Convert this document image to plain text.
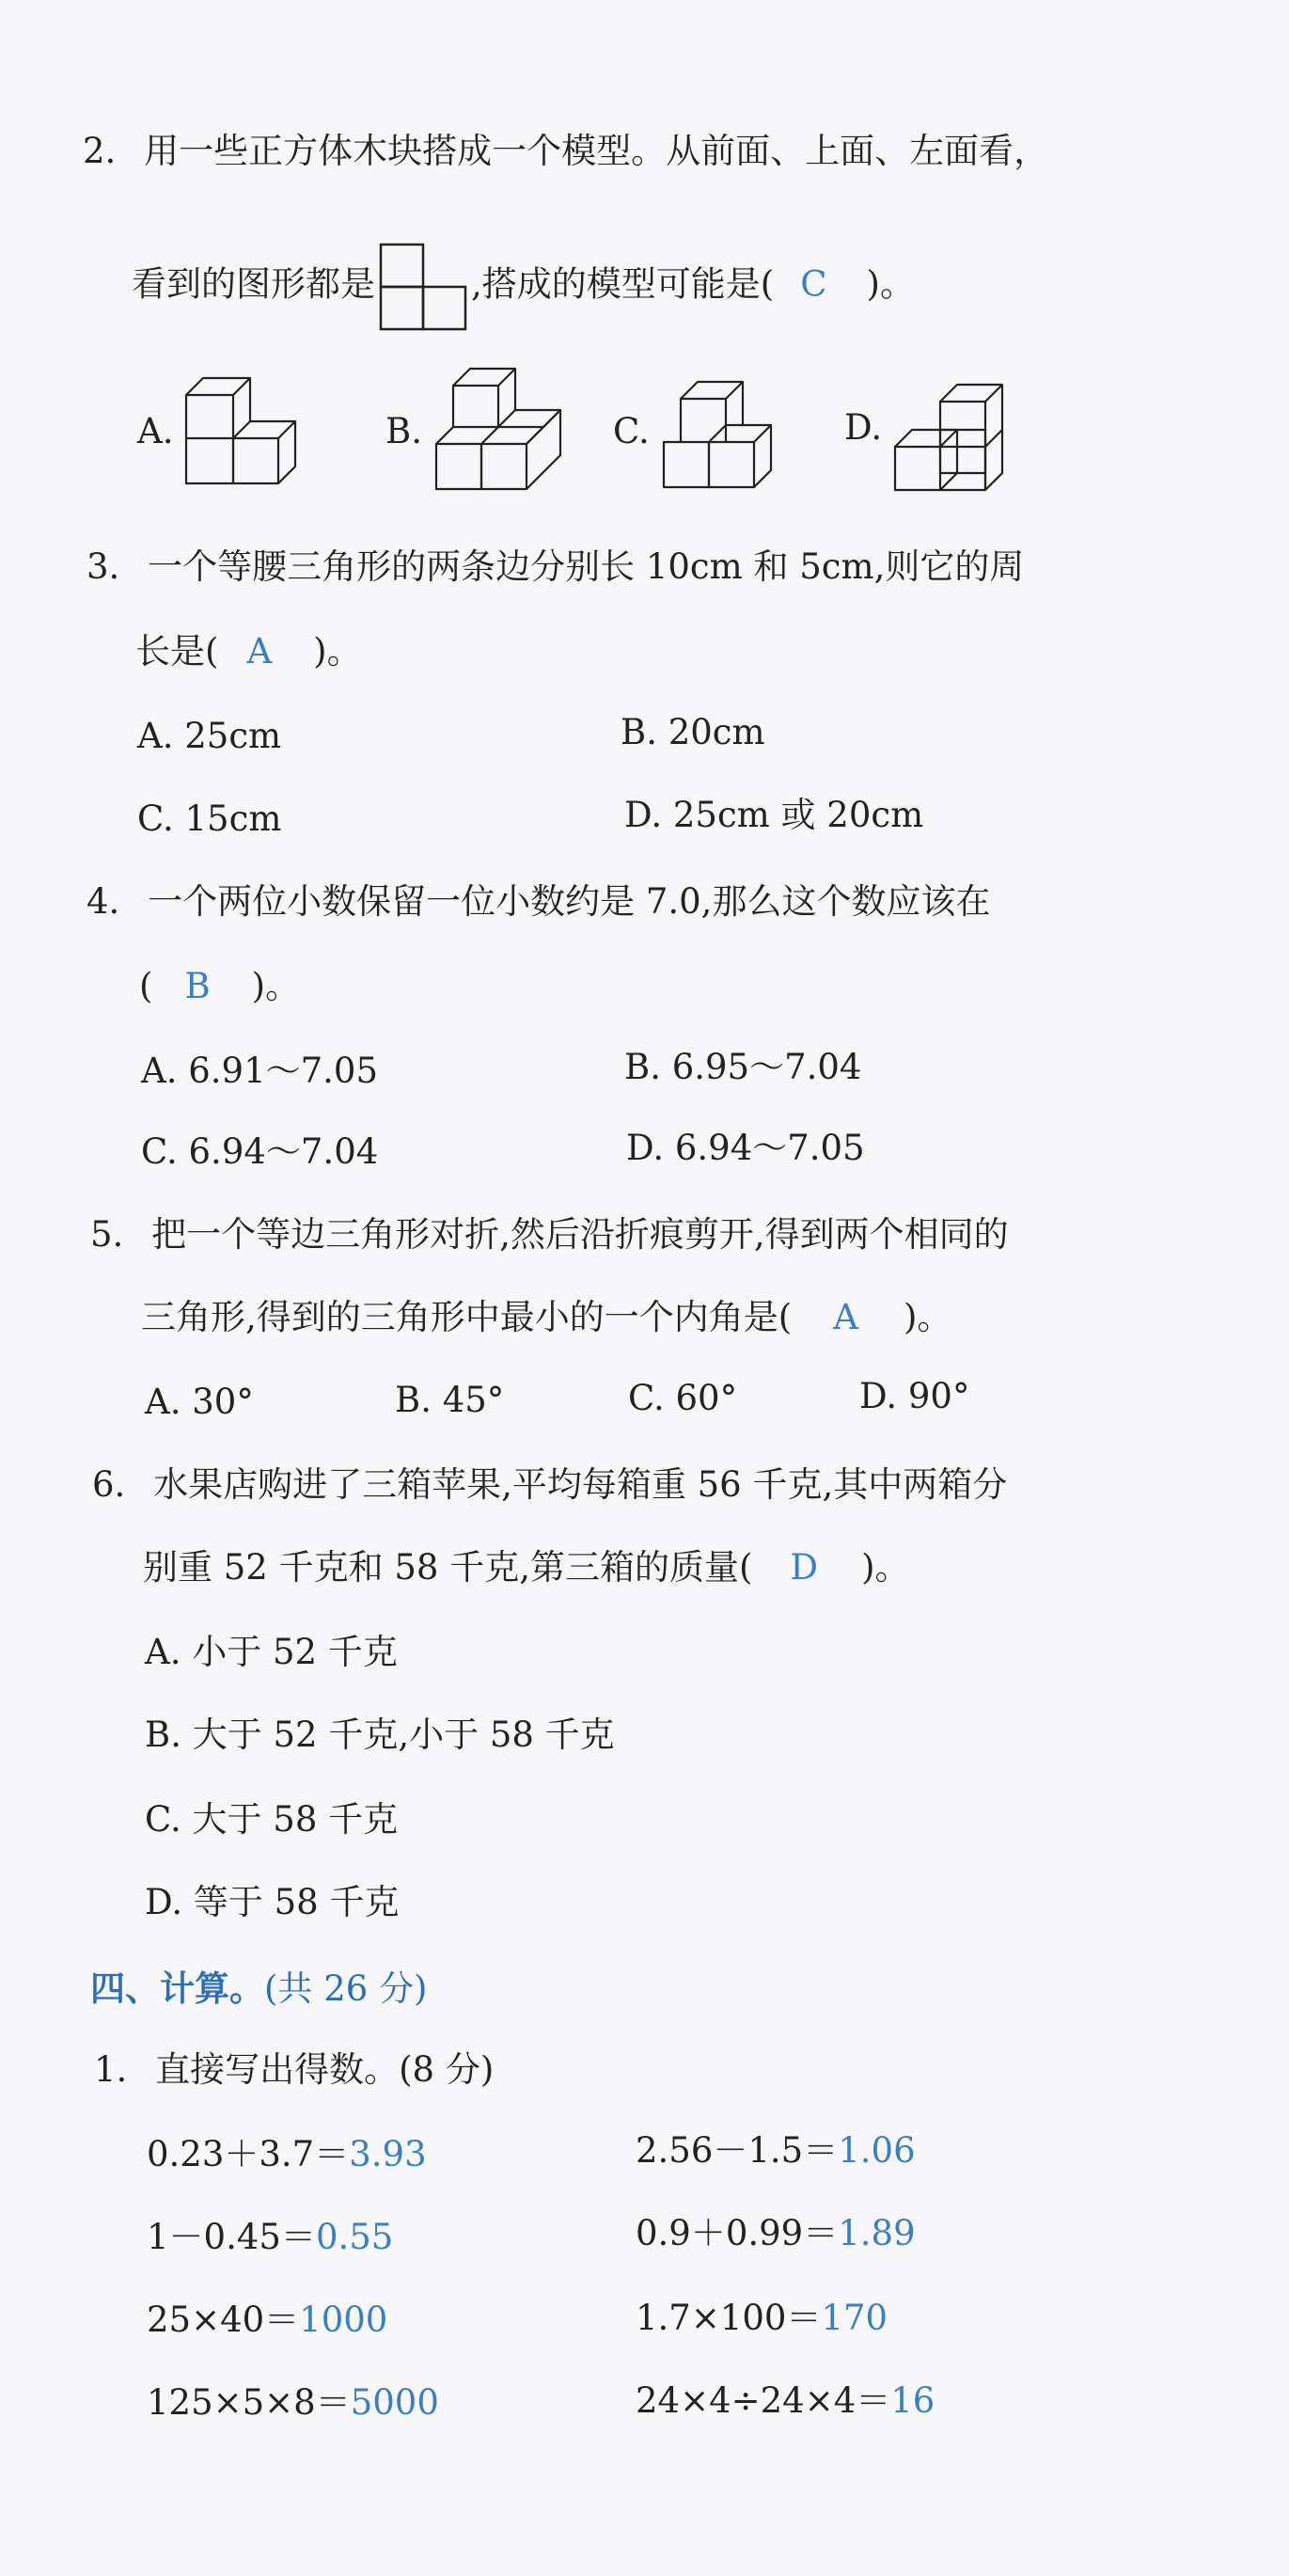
2. 用一些正方体木块搭成一个模型。从前面、上面、左面看，
看到的图形都是	,搭成的模型可能是( C )。
A.	B.	C.	D.
3. 一个等腰三角形的两条边分别长 10cm 和 5cm,则它的周
长是( A )。
A. 25cm	B. 20cm
C. 15cm	D. 25cm 或 20cm
4. 一个两位小数保留一位小数约是 7.0,那么这个数应该在
( B )。
A. 6.91～7.05	B. 6.95～7.04
C. 6.94～7.04	D. 6.94～7.05
5. 把一个等边三角形对折,然后沿折痕剪开,得到两个相同的
三角形,得到的三角形中最小的一个内角是( A )。
A. 30°	B. 45°	C. 60°	D. 90°
6. 水果店购进了三箱苹果,平均每箱重 56 千克,其中两箱分
别重 52 千克和 58 千克,第三箱的质量( D )。
A. 小于 52 千克
B. 大于 52 千克,小于 58 千克
C. 大于 58 千克
D. 等于 58 千克
四、计算。(共 26 分)
1. 直接写出得数。(8 分)
0.23＋3.7＝3.93	2.56－1.5＝1.06
1－0.45＝0.55	0.9＋0.99＝1.89
25×40＝1000	1.7×100＝170
125×5×8＝5000	24×4÷24×4＝16
